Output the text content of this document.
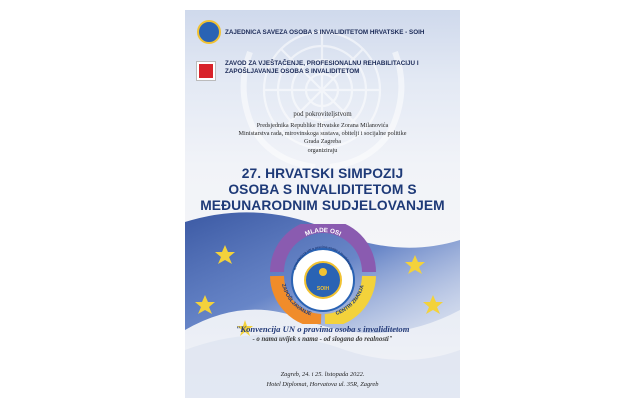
ZAJEDNICA SAVEZA OSOBA S INVALIDITETOM HRVATSKE - SOIH
ZAVOD ZA VJEŠTAČENJE, PROFESIONALNU REHABILITACIJU I
ZAPOŠLJAVANJE OSOBA S INVALIDITETOM
pod pokroviteljstvom
Predsjednika Republike Hrvatske Zorana Milanovića
Ministarstva rada, mirovinskoga sustava, obitelji i socijalne politike
Grada Zagreba
organiziraju
27. HRVATSKI SIMPOZIJ
OSOBA S INVALIDITETOM S
MEĐUNARODNIM SUDJELOVANJEM
MLADE OSI
ZAPOŠLJAVANJE	CENTRI ZNANJA
KONVENCIJA UN o pravima osoba s invaliditetom
SOIH
"Konvencija UN o pravima osoba s invaliditetom
- o nama uvijek s nama - od slogana do realnosti"
Zagreb, 24. i 25. listopada 2022.
Hotel Diplomat, Horvatova ul. 35R, Zagreb
